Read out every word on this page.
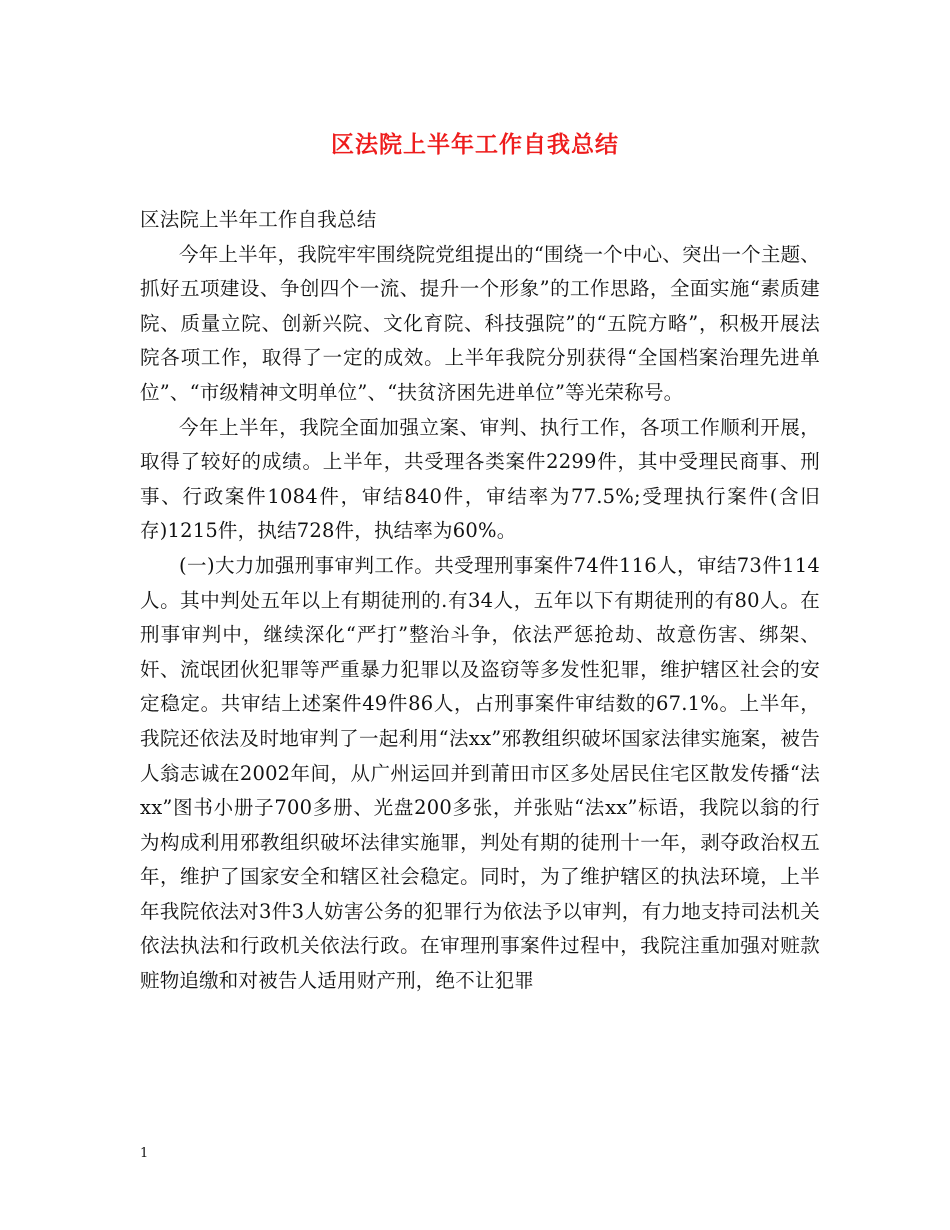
区法院上半年工作自我总结

区法院上半年工作自我总结

今年上半年，我院牢牢围绕院党组提出的“围绕一个中心、突出一个主题、抓好五项建设、争创四个一流、提升一个形象”的工作思路，全面实施“素质建院、质量立院、创新兴院、文化育院、科技强院”的“五院方略”，积极开展法院各项工作，取得了一定的成效。上半年我院分别获得“全国档案治理先进单位”、“市级精神文明单位”、“扶贫济困先进单位”等光荣称号。

今年上半年，我院全面加强立案、审判、执行工作，各项工作顺利开展，取得了较好的成绩。上半年，共受理各类案件2299件，其中受理民商事、刑事、行政案件1084件，审结840件，审结率为77.5%;受理执行案件(含旧存)1215件，执结728件，执结率为60%。

(一)大力加强刑事审判工作。共受理刑事案件74件116人，审结73件114人。其中判处五年以上有期徒刑的.有34人，五年以下有期徒刑的有80人。在刑事审判中，继续深化“严打”整治斗争，依法严惩抢劫、故意伤害、绑架、奸、流氓团伙犯罪等严重暴力犯罪以及盗窃等多发性犯罪，维护辖区社会的安定稳定。共审结上述案件49件86人，占刑事案件审结数的67.1%。上半年，我院还依法及时地审判了一起利用“法xx”邪教组织破坏国家法律实施案，被告人翁志诚在2002年间，从广州运回并到莆田市区多处居民住宅区散发传播“法xx”图书小册子700多册、光盘200多张，并张贴“法xx”标语，我院以翁的行为构成利用邪教组织破坏法律实施罪，判处有期的徒刑十一年，剥夺政治权五年，维护了国家安全和辖区社会稳定。同时，为了维护辖区的执法环境，上半年我院依法对3件3人妨害公务的犯罪行为依法予以审判，有力地支持司法机关依法执法和行政机关依法行政。在审理刑事案件过程中，我院注重加强对赃款赃物追缴和对被告人适用财产刑，绝不让犯罪

1
